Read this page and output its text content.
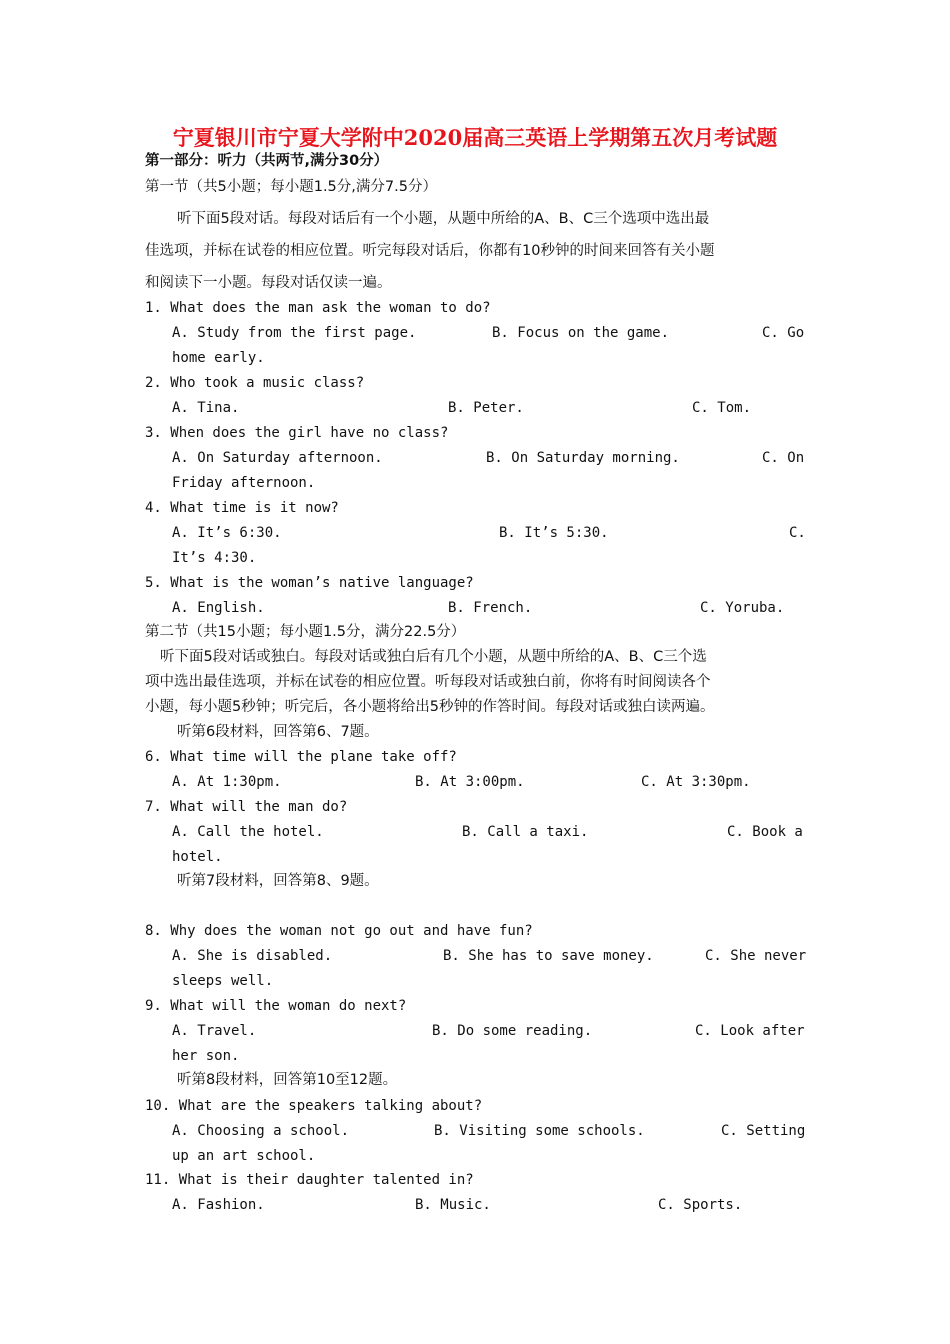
宁夏银川市宁夏大学附中2020届高三英语上学期第五次月考试题
第一部分：听力（共两节,满分30分）
第一节（共5小题；每小题1.5分,满分7.5分）
听下面5段对话。每段对话后有一个小题，从题中所给的A、B、C三个选项中选出最
佳选项，并标在试卷的相应位置。听完每段对话后，你都有10秒钟的时间来回答有关小题
和阅读下一小题。每段对话仅读一遍。
1. What does the man ask the woman to do?
A. Study from the first page.	B. Focus on the game.	C. Go
home early.
2. Who took a music class?
A. Tina.	B. Peter.	C. Tom.
3. When does the girl have no class?
A. On Saturday afternoon.	B. On Saturday morning.	C. On
Friday afternoon.
4. What time is it now?
A. It’s 6:30.	B. It’s 5:30.	C.
It’s 4:30.
5. What is the woman’s native language?
A. English.	B. French.	C. Yoruba.
第二节（共15小题；每小题1.5分，满分22.5分）
听下面5段对话或独白。每段对话或独白后有几个小题，从题中所给的A、B、C三个选
项中选出最佳选项，并标在试卷的相应位置。听每段对话或独白前，你将有时间阅读各个
小题，每小题5秒钟；听完后，各小题将给出5秒钟的作答时间。每段对话或独白读两遍。
听第6段材料，回答第6、7题。
6. What time will the plane take off?
A. At 1:30pm.	B. At 3:00pm.	C. At 3:30pm.
7. What will the man do?
A. Call the hotel.	B. Call a taxi.	C. Book a
hotel.
听第7段材料，回答第8、9题。
8. Why does the woman not go out and have fun?
A. She is disabled.	B. She has to save money.	C. She never
sleeps well.
9. What will the woman do next?
A. Travel.	B. Do some reading.	C. Look after
her son.
听第8段材料，回答第10至12题。
10. What are the speakers talking about?
A. Choosing a school.	B. Visiting some schools.	C. Setting
up an art school.
11. What is their daughter talented in?
A. Fashion.	B. Music.	C. Sports.
